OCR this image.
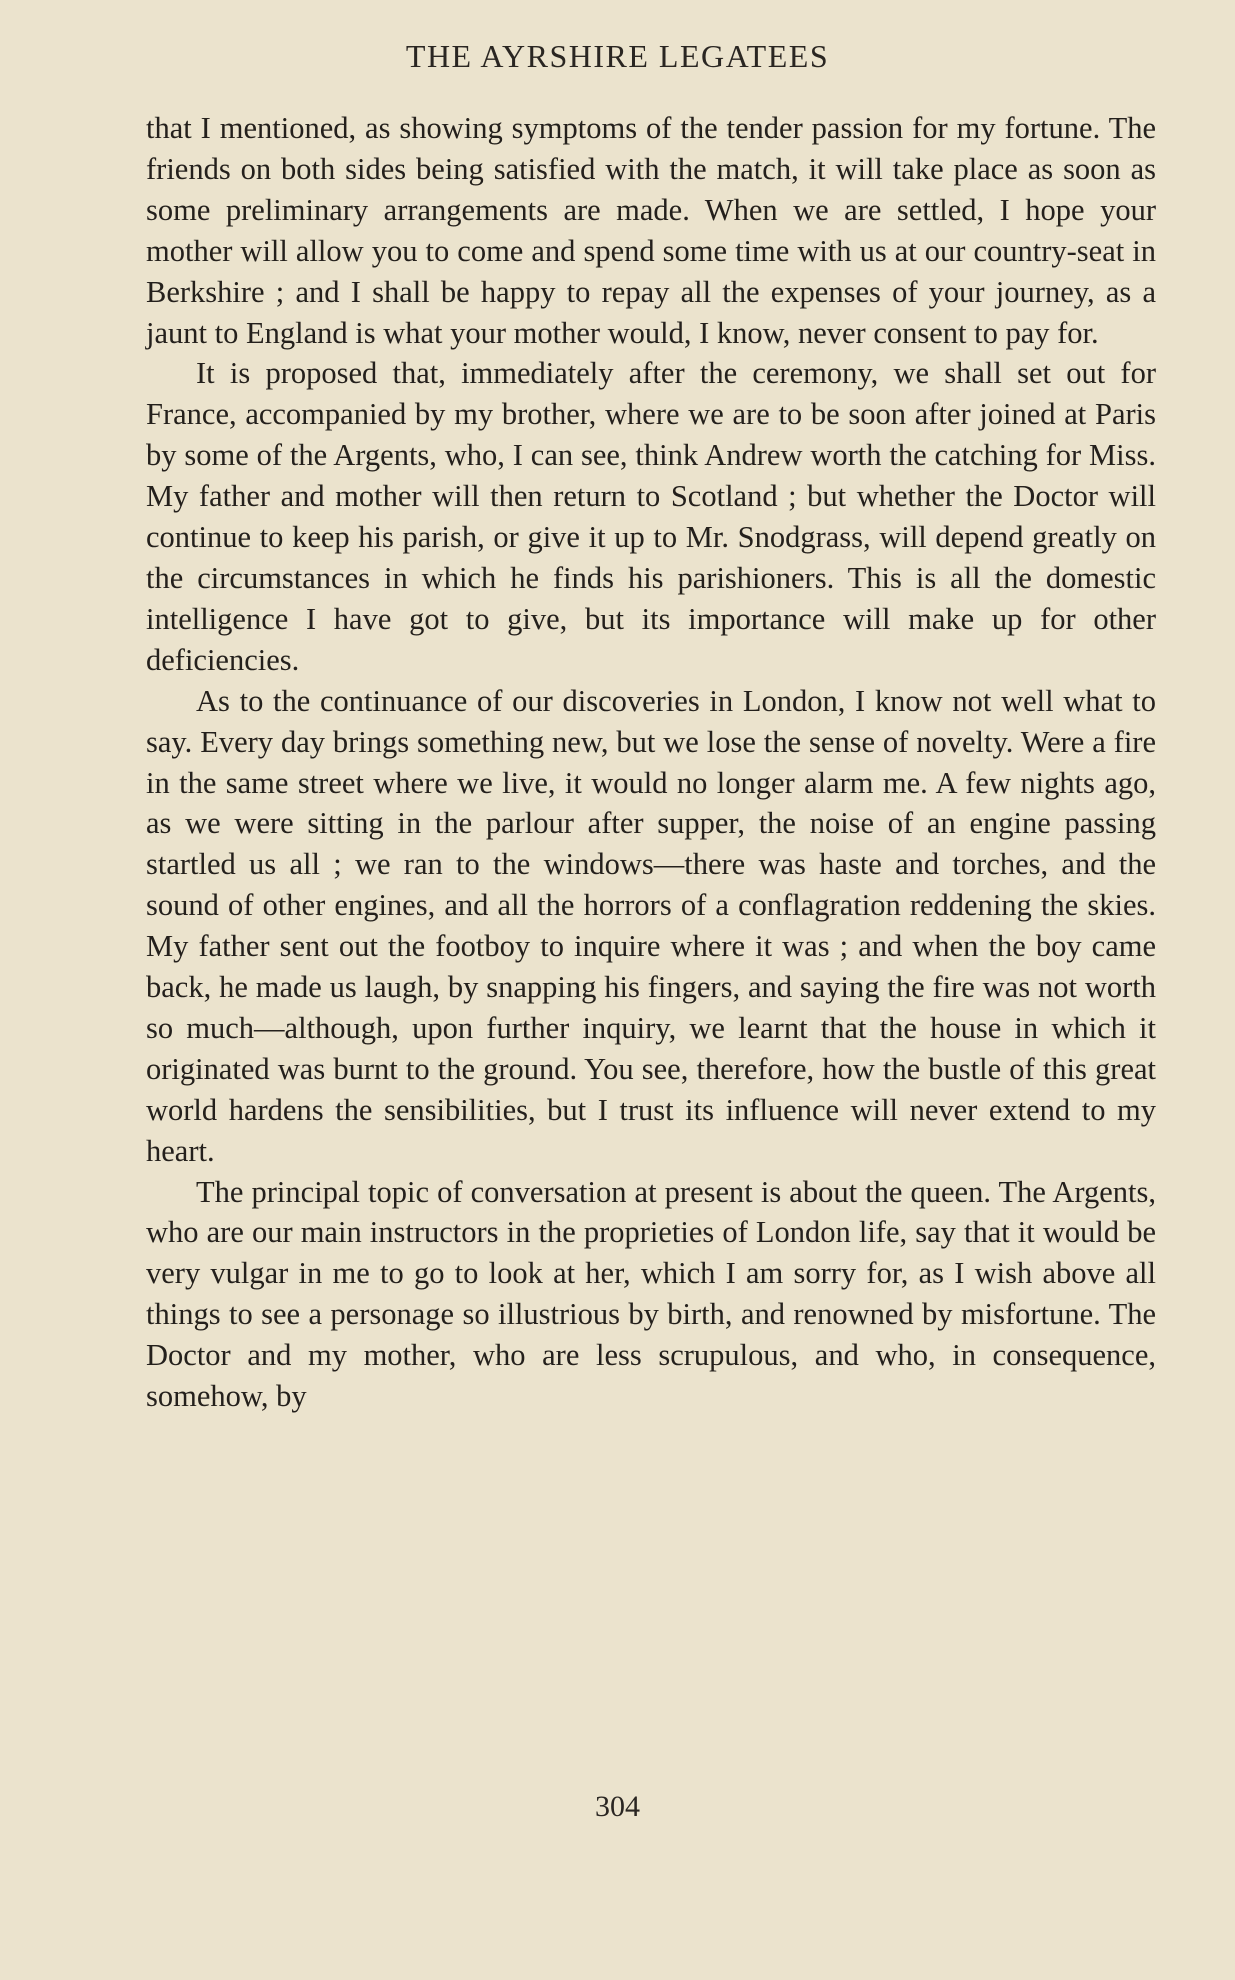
THE AYRSHIRE LEGATEES

that I mentioned, as showing symptoms of the tender passion for my fortune. The friends on both sides being satisfied with the match, it will take place as soon as some preliminary arrangements are made. When we are settled, I hope your mother will allow you to come and spend some time with us at our country-seat in Berkshire ; and I shall be happy to repay all the expenses of your journey, as a jaunt to England is what your mother would, I know, never consent to pay for.

It is proposed that, immediately after the ceremony, we shall set out for France, accompanied by my brother, where we are to be soon after joined at Paris by some of the Argents, who, I can see, think Andrew worth the catching for Miss. My father and mother will then return to Scotland ; but whether the Doctor will continue to keep his parish, or give it up to Mr. Snodgrass, will depend greatly on the circumstances in which he finds his parishioners. This is all the domestic intelligence I have got to give, but its importance will make up for other deficiencies.

As to the continuance of our discoveries in London, I know not well what to say. Every day brings something new, but we lose the sense of novelty. Were a fire in the same street where we live, it would no longer alarm me. A few nights ago, as we were sitting in the parlour after supper, the noise of an engine passing startled us all ; we ran to the windows—there was haste and torches, and the sound of other engines, and all the horrors of a conflagration reddening the skies. My father sent out the footboy to inquire where it was ; and when the boy came back, he made us laugh, by snapping his fingers, and saying the fire was not worth so much—although, upon further inquiry, we learnt that the house in which it originated was burnt to the ground. You see, therefore, how the bustle of this great world hardens the sensibilities, but I trust its influence will never extend to my heart.

The principal topic of conversation at present is about the queen. The Argents, who are our main instructors in the proprieties of London life, say that it would be very vulgar in me to go to look at her, which I am sorry for, as I wish above all things to see a personage so illustrious by birth, and renowned by misfortune. The Doctor and my mother, who are less scrupulous, and who, in consequence, somehow, by

304
